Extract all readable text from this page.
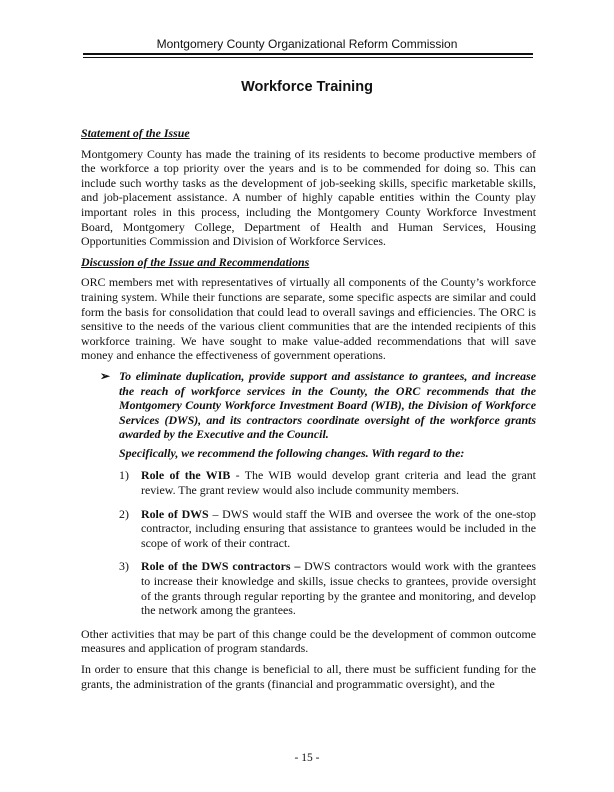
Montgomery County Organizational Reform Commission
Workforce Training
Statement of the Issue

Montgomery County has made the training of its residents to become productive members of the workforce a top priority over the years and is to be commended for doing so. This can include such worthy tasks as the development of job-seeking skills, specific marketable skills, and job-placement assistance. A number of highly capable entities within the County play important roles in this process, including the Montgomery County Workforce Investment Board, Montgomery College, Department of Health and Human Services, Housing Opportunities Commission and Division of Workforce Services.

Discussion of the Issue and Recommendations

ORC members met with representatives of virtually all components of the County’s workforce training system. While their functions are separate, some specific aspects are similar and could form the basis for consolidation that could lead to overall savings and efficiencies. The ORC is sensitive to the needs of the various client communities that are the intended recipients of this workforce training. We have sought to make value-added recommendations that will save money and enhance the effectiveness of government operations.

➢ To eliminate duplication, provide support and assistance to grantees, and increase the reach of workforce services in the County, the ORC recommends that the Montgomery County Workforce Investment Board (WIB), the Division of Workforce Services (DWS), and its contractors coordinate oversight of the workforce grants awarded by the Executive and the Council.
Specifically, we recommend the following changes. With regard to the:
1) Role of the WIB - The WIB would develop grant criteria and lead the grant review. The grant review would also include community members.
2) Role of DWS – DWS would staff the WIB and oversee the work of the one-stop contractor, including ensuring that assistance to grantees would be included in the scope of work of their contract.
3) Role of the DWS contractors – DWS contractors would work with the grantees to increase their knowledge and skills, issue checks to grantees, provide oversight of the grants through regular reporting by the grantee and monitoring, and develop the network among the grantees.

Other activities that may be part of this change could be the development of common outcome measures and application of program standards.

In order to ensure that this change is beneficial to all, there must be sufficient funding for the grants, the administration of the grants (financial and programmatic oversight), and the

- 15 -
